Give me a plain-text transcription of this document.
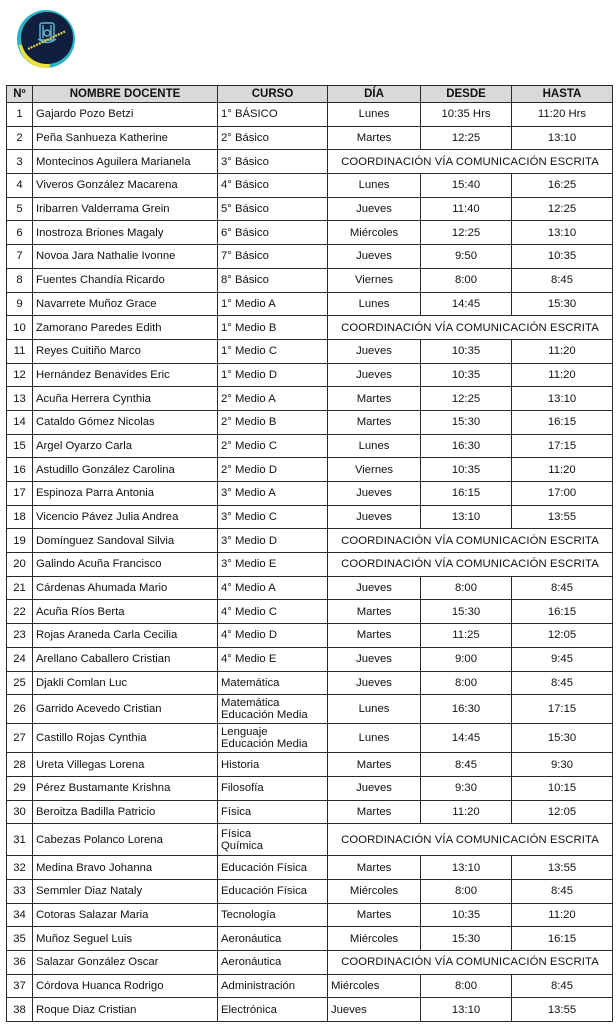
Nº	NOMBRE DOCENTE	CURSO	DÍA	DESDE	HASTA
1	Gajardo Pozo Betzi	1° BÁSICO	Lunes	10:35 Hrs	11:20 Hrs
2	Peña Sanhueza Katherine	2° Básico	Martes	12:25	13:10
3	Montecinos Aguilera Marianela	3° Básico	COORDINACIÓN VÍA COMUNICACIÓN ESCRITA		
4	Viveros González Macarena	4° Básico	Lunes	15:40	16:25
5	Iribarren Valderrama Grein	5° Básico	Jueves	11:40	12:25
6	Inostroza Briones Magaly	6° Básico	Miércoles	12:25	13:10
7	Novoa Jara Nathalie Ivonne	7° Básico	Jueves	9:50	10:35
8	Fuentes Chandía Ricardo	8° Básico	Viernes	8:00	8:45
9	Navarrete Muñoz Grace	1° Medio A	Lunes	14:45	15:30
10	Zamorano Paredes Edith	1° Medio B	COORDINACIÓN VÍA COMUNICACIÓN ESCRITA		
11	Reyes Cuitiño Marco	1° Medio C	Jueves	10:35	11:20
12	Hernández Benavides Eric	1° Medio D	Jueves	10:35	11:20
13	Acuña Herrera Cynthia	2° Medio A	Martes	12:25	13:10
14	Cataldo Gómez Nicolas	2° Medio B	Martes	15:30	16:15
15	Argel Oyarzo Carla	2° Medio C	Lunes	16:30	17:15
16	Astudillo González Carolina	2° Medio D	Viernes	10:35	11:20
17	Espinoza Parra Antonia	3° Medio A	Jueves	16:15	17:00
18	Vicencio Pávez Julia Andrea	3° Medio C	Jueves	13:10	13:55
19	Domínguez Sandoval Silvia	3° Medio D	COORDINACIÓN VÍA COMUNICACIÓN ESCRITA		
20	Galindo Acuña Francisco	3° Medio E	COORDINACIÓN VÍA COMUNICACIÓN ESCRITA		
21	Cárdenas Ahumada Mario	4° Medio A	Jueves	8:00	8:45
22	Acuña Ríos Berta	4° Medio C	Martes	15:30	16:15
23	Rojas Araneda Carla Cecilia	4° Medio D	Martes	11:25	12:05
24	Arellano Caballero Cristian	4° Medio E	Jueves	9:00	9:45
25	Djakli Comlan Luc	Matemática	Jueves	8:00	8:45
26	Garrido Acevedo Cristian	Matemática
Educación Media	Lunes	16:30	17:15
27	Castillo Rojas Cynthia	Lenguaje
Educación Media	Lunes	14:45	15:30
28	Ureta Villegas Lorena	Historia	Martes	8:45	9:30
29	Pérez Bustamante Krishna	Filosofía	Jueves	9:30	10:15
30	Beroitza Badilla Patricio	Física	Martes	11:20	12:05
31	Cabezas Polanco Lorena	Física
Química	COORDINACIÓN VÍA COMUNICACIÓN ESCRITA		
32	Medina Bravo Johanna	Educación Física	Martes	13:10	13:55
33	Semmler Diaz Nataly	Educación Física	Miércoles	8:00	8:45
34	Cotoras Salazar Maria	Tecnología	Martes	10:35	11:20
35	Muñoz Seguel Luis	Aeronáutica	Miércoles	15:30	16:15
36	Salazar González Oscar	Aeronáutica	COORDINACIÓN VÍA COMUNICACIÓN ESCRITA		
37	Córdova Huanca Rodrigo	Administración	Miércoles	8:00	8:45
38	Roque Diaz Cristian	Electrónica	Jueves	13:10	13:55
